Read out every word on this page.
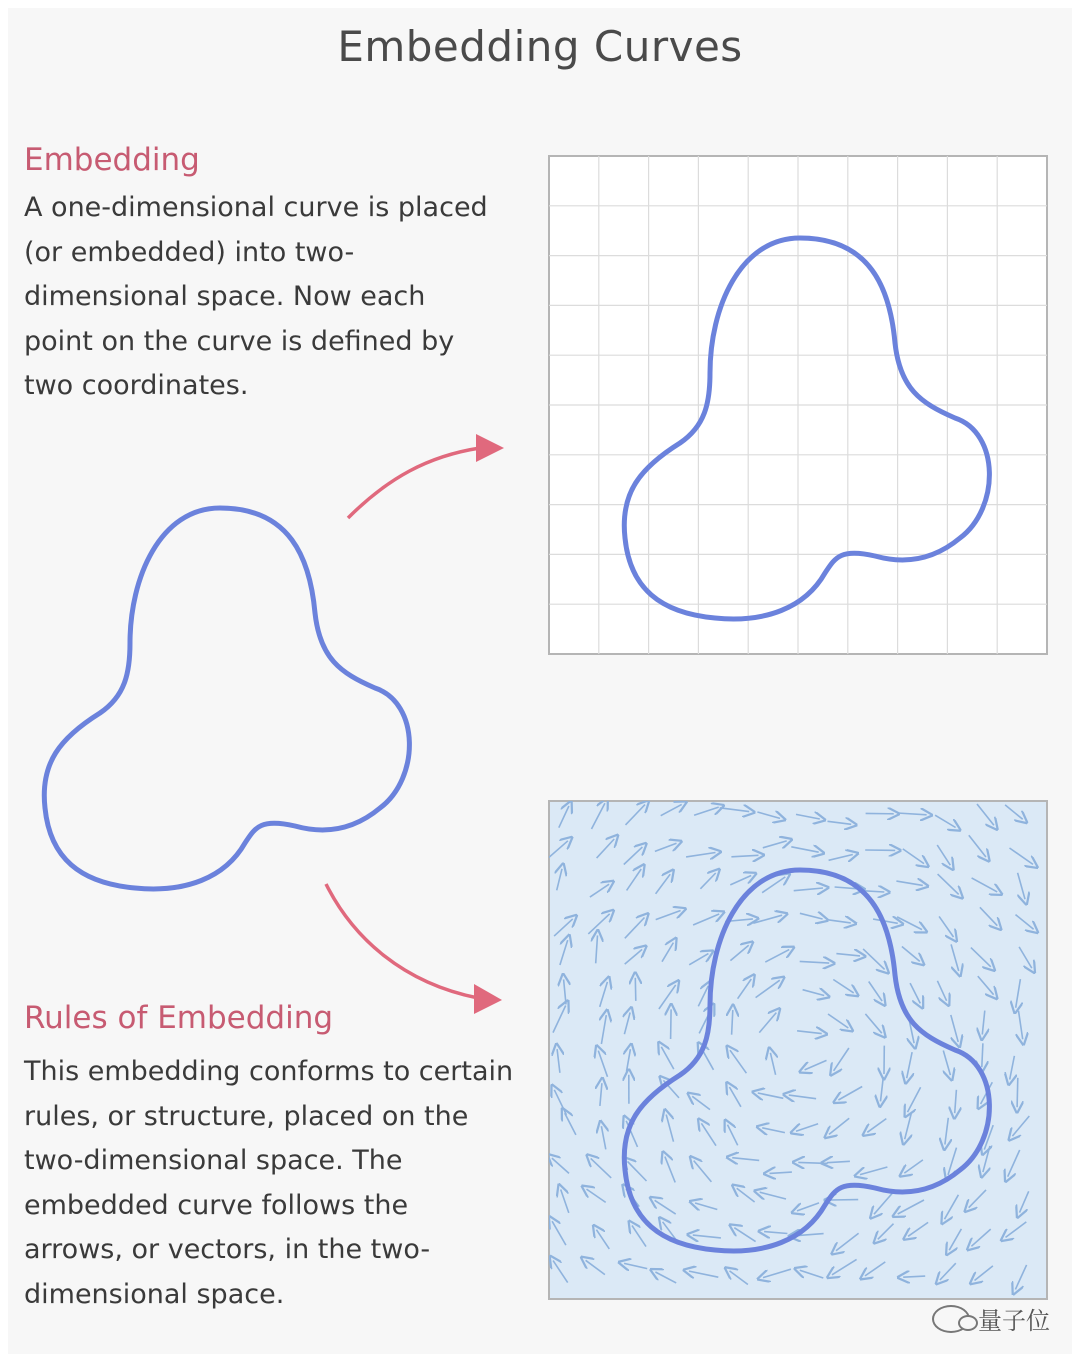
Embedding Curves
Embedding
A one-dimensional curve is placed (or embedded) into two-dimensional space. Now each point on the curve is defined by two coordinates.
Rules of Embedding
This embedding conforms to certain rules, or structure, placed on the two-dimensional space. The embedded curve follows the arrows, or vectors, in the two-dimensional space.
量子位
